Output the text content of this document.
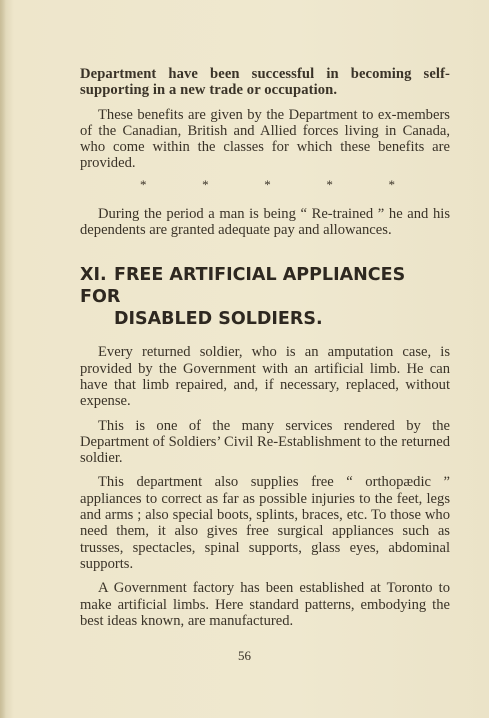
Department have been successful in becoming self-supporting in a new trade or occupation.

These benefits are given by the Department to ex-members of the Canadian, British and Allied forces living in Canada, who come within the classes for which these benefits are provided.

*	*	*	*	*

During the period a man is being “ Re-trained ” he and his dependents are granted adequate pay and allowances.

XI. FREE ARTIFICIAL APPLIANCES FOR
DISABLED SOLDIERS.

Every returned soldier, who is an amputation case, is provided by the Government with an artificial limb. He can have that limb repaired, and, if necessary, replaced, without expense.

This is one of the many services rendered by the Department of Soldiers’ Civil Re-Establishment to the returned soldier.

This department also supplies free “ orthopædic ” appliances to correct as far as possible injuries to the feet, legs and arms ; also special boots, splints, braces, etc. To those who need them, it also gives free surgical appliances such as trusses, spectacles, spinal supports, glass eyes, abdominal supports.

A Government factory has been established at Toronto to make artificial limbs. Here standard patterns, embodying the best ideas known, are manufactured.

56
